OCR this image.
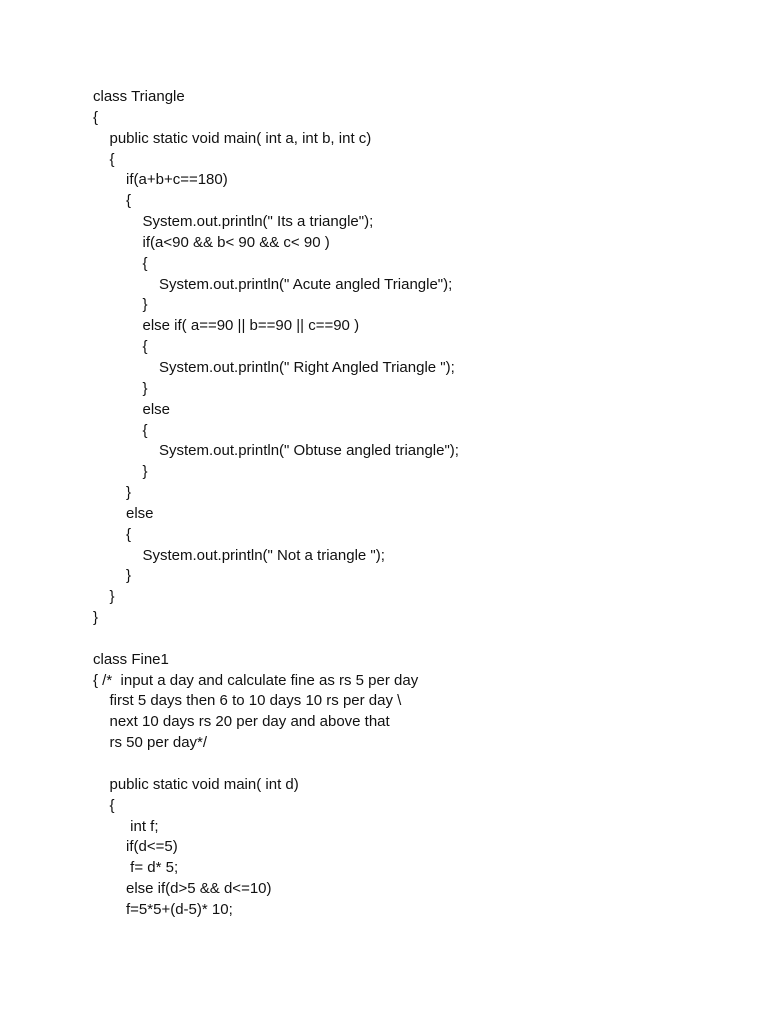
class Triangle
{
public static void main( int a, int b, int c)
{
if(a+b+c==180)
{
System.out.println(" Its a triangle");
if(a<90 && b< 90 && c< 90 )
{
System.out.println(" Acute angled Triangle");
}
else if( a==90 || b==90 || c==90 )
{
System.out.println(" Right Angled Triangle ");
}
else
{
System.out.println(" Obtuse angled triangle");
}
}
else
{
System.out.println(" Not a triangle ");
}
}
}
class Fine1
{ /*  input a day and calculate fine as rs 5 per day
first 5 days then 6 to 10 days 10 rs per day \
next 10 days rs 20 per day and above that
rs 50 per day*/
public static void main( int d)
{
int f;
if(d<=5)
f= d* 5;
else if(d>5 && d<=10)
f=5*5+(d-5)* 10;
